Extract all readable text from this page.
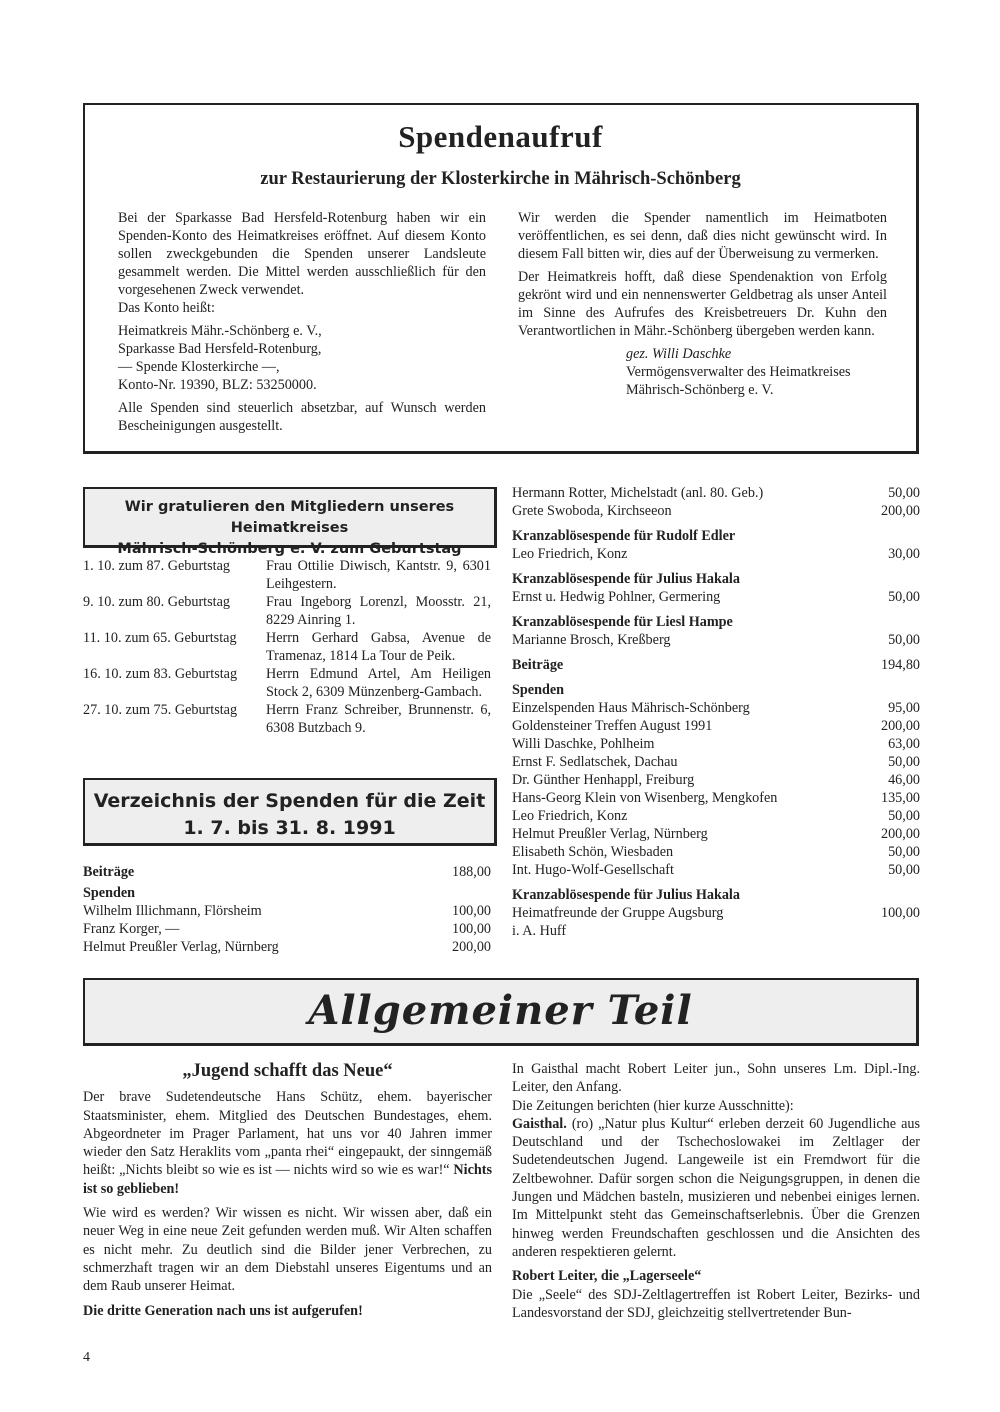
Spendenaufruf
zur Restaurierung der Klosterkirche in Mährisch-Schönberg

Bei der Sparkasse Bad Hersfeld-Rotenburg haben wir ein Spenden-Konto des Heimatkreises eröffnet. Auf diesem Konto sollen zweckgebunden die Spenden unserer Landsleute gesammelt werden. Die Mittel werden ausschließlich für den vorgesehenen Zweck verwendet.
Das Konto heißt:

Heimatkreis Mähr.-Schönberg e. V.,
Sparkasse Bad Hersfeld-Rotenburg,
— Spende Klosterkirche —,
Konto-Nr. 19390, BLZ: 53250000.

Alle Spenden sind steuerlich absetzbar, auf Wunsch werden Bescheinigungen ausgestellt.

Wir werden die Spender namentlich im Heimatboten veröffentlichen, es sei denn, daß dies nicht gewünscht wird. In diesem Fall bitten wir, dies auf der Überweisung zu vermerken.

Der Heimatkreis hofft, daß diese Spendenaktion von Erfolg gekrönt wird und ein nennenswerter Geldbetrag als unser Anteil im Sinne des Aufrufes des Kreisbetreuers Dr. Kuhn den Verantwortlichen in Mähr.-Schönberg übergeben werden kann.

gez. Willi Daschke
Vermögensverwalter des Heimatkreises
Mährisch-Schönberg e. V.

Wir gratulieren den Mitgliedern unseres Heimatkreises
Mährisch-Schönberg e. V. zum Geburtstag
1. 10. zum 87. Geburtstag	Frau Ottilie Diwisch, Kantstr. 9, 6301 Leihgestern.
9. 10. zum 80. Geburtstag	Frau Ingeborg Lorenzl, Moosstr. 21, 8229 Ainring 1.
11. 10. zum 65. Geburtstag	Herrn Gerhard Gabsa, Avenue de Tramenaz, 1814 La Tour de Peik.
16. 10. zum 83. Geburtstag	Herrn Edmund Artel, Am Heiligen Stock 2, 6309 Münzenberg-Gambach.
27. 10. zum 75. Geburtstag	Herrn Franz Schreiber, Brunnenstr. 6, 6308 Butzbach 9.
Verzeichnis der Spenden für die Zeit
1. 7. bis 31. 8. 1991
Beiträge	188,00
Spenden
Wilhelm Illichmann, Flörsheim	100,00
Franz Korger, —	100,00
Helmut Preußler Verlag, Nürnberg	200,00
Hermann Rotter, Michelstadt (anl. 80. Geb.)	50,00
Grete Swoboda, Kirchseeon	200,00
Kranzablösespende für Rudolf Edler
Leo Friedrich, Konz	30,00
Kranzablösespende für Julius Hakala
Ernst u. Hedwig Pohlner, Germering	50,00
Kranzablösespende für Liesl Hampe
Marianne Brosch, Kreßberg	50,00
Beiträge	194,80
Spenden
Einzelspenden Haus Mährisch-Schönberg	95,00
Goldensteiner Treffen August 1991	200,00
Willi Daschke, Pohlheim	63,00
Ernst F. Sedlatschek, Dachau	50,00
Dr. Günther Henhappl, Freiburg	46,00
Hans-Georg Klein von Wisenberg, Mengkofen	135,00
Leo Friedrich, Konz	50,00
Helmut Preußler Verlag, Nürnberg	200,00
Elisabeth Schön, Wiesbaden	50,00
Int. Hugo-Wolf-Gesellschaft	50,00
Kranzablösespende für Julius Hakala
Heimatfreunde der Gruppe Augsburg	100,00
i. A. Huff
Allgemeiner Teil
„Jugend schafft das Neue“

Der brave Sudetendeutsche Hans Schütz, ehem. bayerischer Staatsminister, ehem. Mitglied des Deutschen Bundestages, ehem. Abgeordneter im Prager Parlament, hat uns vor 40 Jahren immer wieder den Satz Heraklits vom „panta rhei“ eingepaukt, der sinngemäß heißt: „Nichts bleibt so wie es ist — nichts wird so wie es war!“ Nichts ist so geblieben!

Wie wird es werden? Wir wissen es nicht. Wir wissen aber, daß ein neuer Weg in eine neue Zeit gefunden werden muß. Wir Alten schaffen es nicht mehr. Zu deutlich sind die Bilder jener Verbrechen, zu schmerzhaft tragen wir an dem Diebstahl unseres Eigentums und an dem Raub unserer Heimat.

Die dritte Generation nach uns ist aufgerufen!

In Gaisthal macht Robert Leiter jun., Sohn unseres Lm. Dipl.-Ing. Leiter, den Anfang.

Die Zeitungen berichten (hier kurze Ausschnitte):

Gaisthal. (ro) „Natur plus Kultur“ erleben derzeit 60 Jugendliche aus Deutschland und der Tschechoslowakei im Zeltlager der Sudetendeutschen Jugend. Langeweile ist ein Fremdwort für die Zeltbewohner. Dafür sorgen schon die Neigungsgruppen, in denen die Jungen und Mädchen basteln, musizieren und nebenbei einiges lernen. Im Mittelpunkt steht das Gemeinschaftserlebnis. Über die Grenzen hinweg werden Freundschaften geschlossen und die Ansichten des anderen respektieren gelernt.

Robert Leiter, die „Lagerseele“

Die „Seele“ des SDJ-Zeltlagertreffen ist Robert Leiter, Bezirks- und Landesvorstand der SDJ, gleichzeitig stellvertretender Bun-

4
